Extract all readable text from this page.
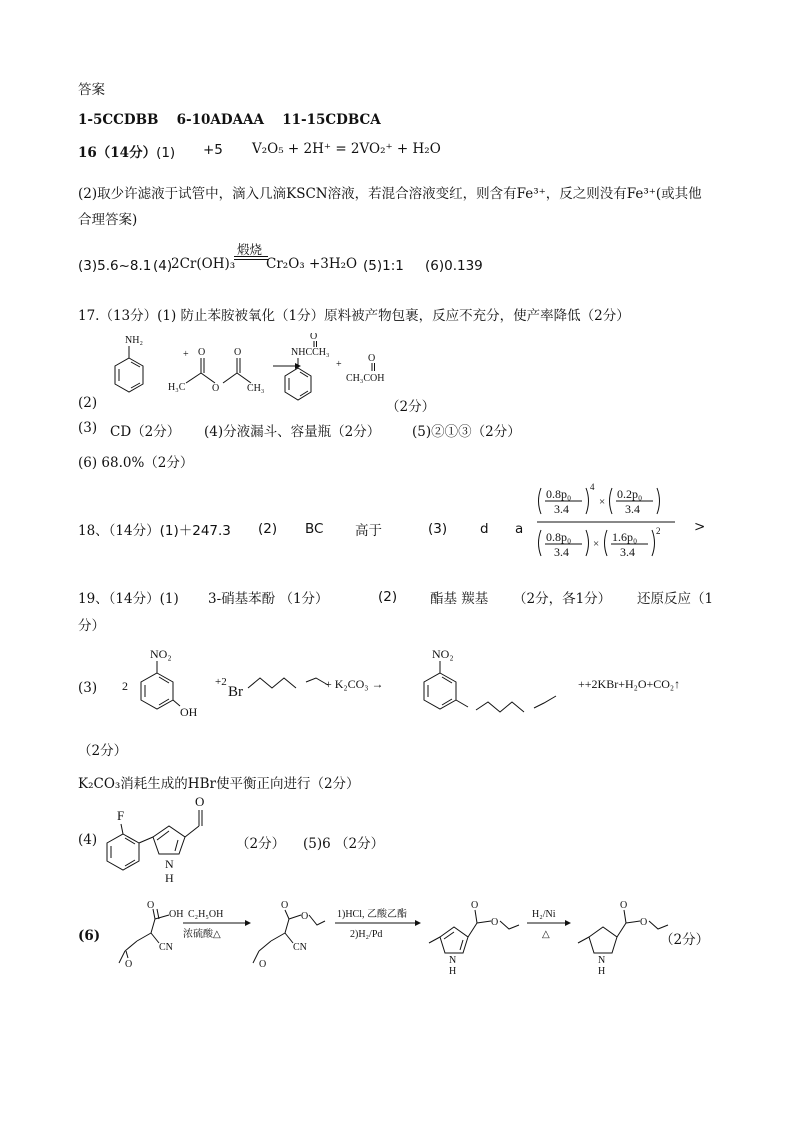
答案
1-5CCDBB　 6-10ADAAA　 11-15CDBCA
16（14分）(1) +5 V₂O₅ + 2H⁺ = 2VO₂⁺ + H₂O
(2)取少许滤液于试管中，滴入几滴KSCN溶液，若混合溶液变红，则含有Fe³⁺，反之则没有Fe³⁺(或其他
合理答案)
(3)5.6~8.1 (4)
2Cr(OH)₃
煅烧
Cr₂O₃ +3H₂O (5)1:1 (6)0.139
17.（13分）(1) 防止苯胺被氧化（1分）原料被产物包裹，反应不充分，使产率降低（2分）
NH₂
+
H₃C
O
O
O
CH₃
O
NHCCH₃
+
O
CH₃COH
(2)	（2分）
(3) CD（2分） (4)分液漏斗、容量瓶（2分） (5)②①③（2分）
(6) 68.0%（2分）
18、（14分）(1)＋247.3 (2) BC 高于	(3) d a
0.8p₀
3.4
4
×
0.2p₀
3.4
0.8p₀
3.4
× 1.6p₀
3.4
2 >
19、（14分）(1) 3-硝基苯酚 （1分）	(2) 酯基 羰基 （2分，各1分） 还原反应（1
分）
(3) 2
NO₂
OH
+2
Br	+ K₂CO₃ →
NO₂
++2KBr+H₂O+CO₂↑
（2分）
K₂CO₃消耗生成的HBr使平衡正向进行（2分）
(4)
F
N
H
O
（2分） (5)6 （2分）
(6)
O
OH
CN
O
C₂H₅OH
浓硫酸△
O
O
CN
O
1)HCl, 乙酸乙酯
2)H₂/Pd
N
H
O
O
H₂/Ni
△
N
H
O
O
（2分）
